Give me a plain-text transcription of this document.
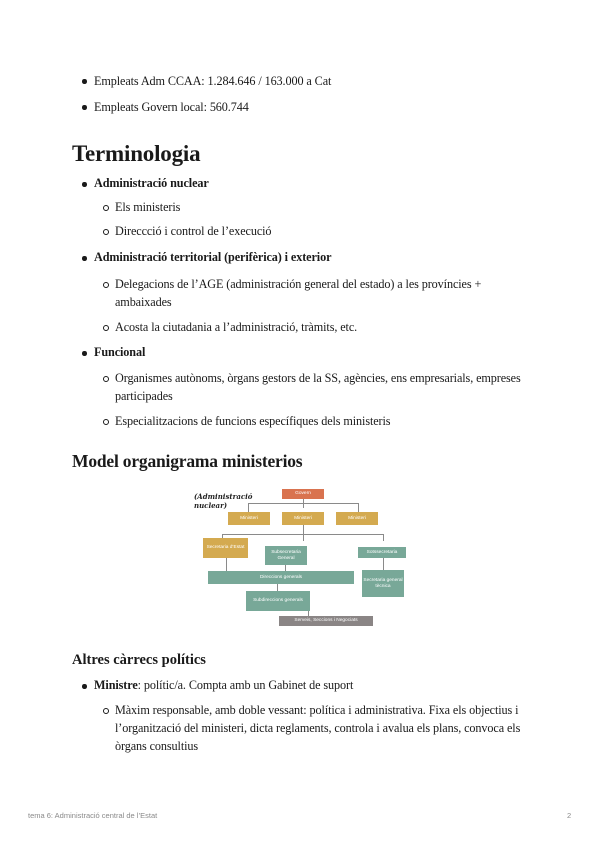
Empleats Adm CCAA: 1.284.646 / 163.000 a Cat
Empleats Govern local: 560.744
Terminologia
Administració nuclear
Els ministeris
Direccció i control de l’execució
Administració territorial (perifèrica) i exterior
Delegacions de l’AGE (administración general del estado) a les províncies + ambaixades
Acosta la ciutadania a l’administració, tràmits, etc.
Funcional
Organismes autònoms, òrgans gestors de la SS, agències, ens empresarials, empreses participades
Especialitzacions de funcions específiques dels ministeris
Model organigrama ministerios
(Administració nuclear)
Govern
Ministeri	Ministeri	Ministeri
Secretaria d’Estat
Subsecretaria General
Sotssecretaria
Direccions generals
Secretaria general tècnica
Subdireccions generals
Serveis, Seccions i Negociats
Altres càrrecs polítics
Ministre: polític/a. Compta amb un Gabinet de suport
Màxim responsable, amb doble vessant: política i administrativa. Fixa els objectius i l’organització del ministeri, dicta reglaments, controla i avalua els plans, convoca els òrgans consultius
tema 6: Administració central de l’Estat	2
